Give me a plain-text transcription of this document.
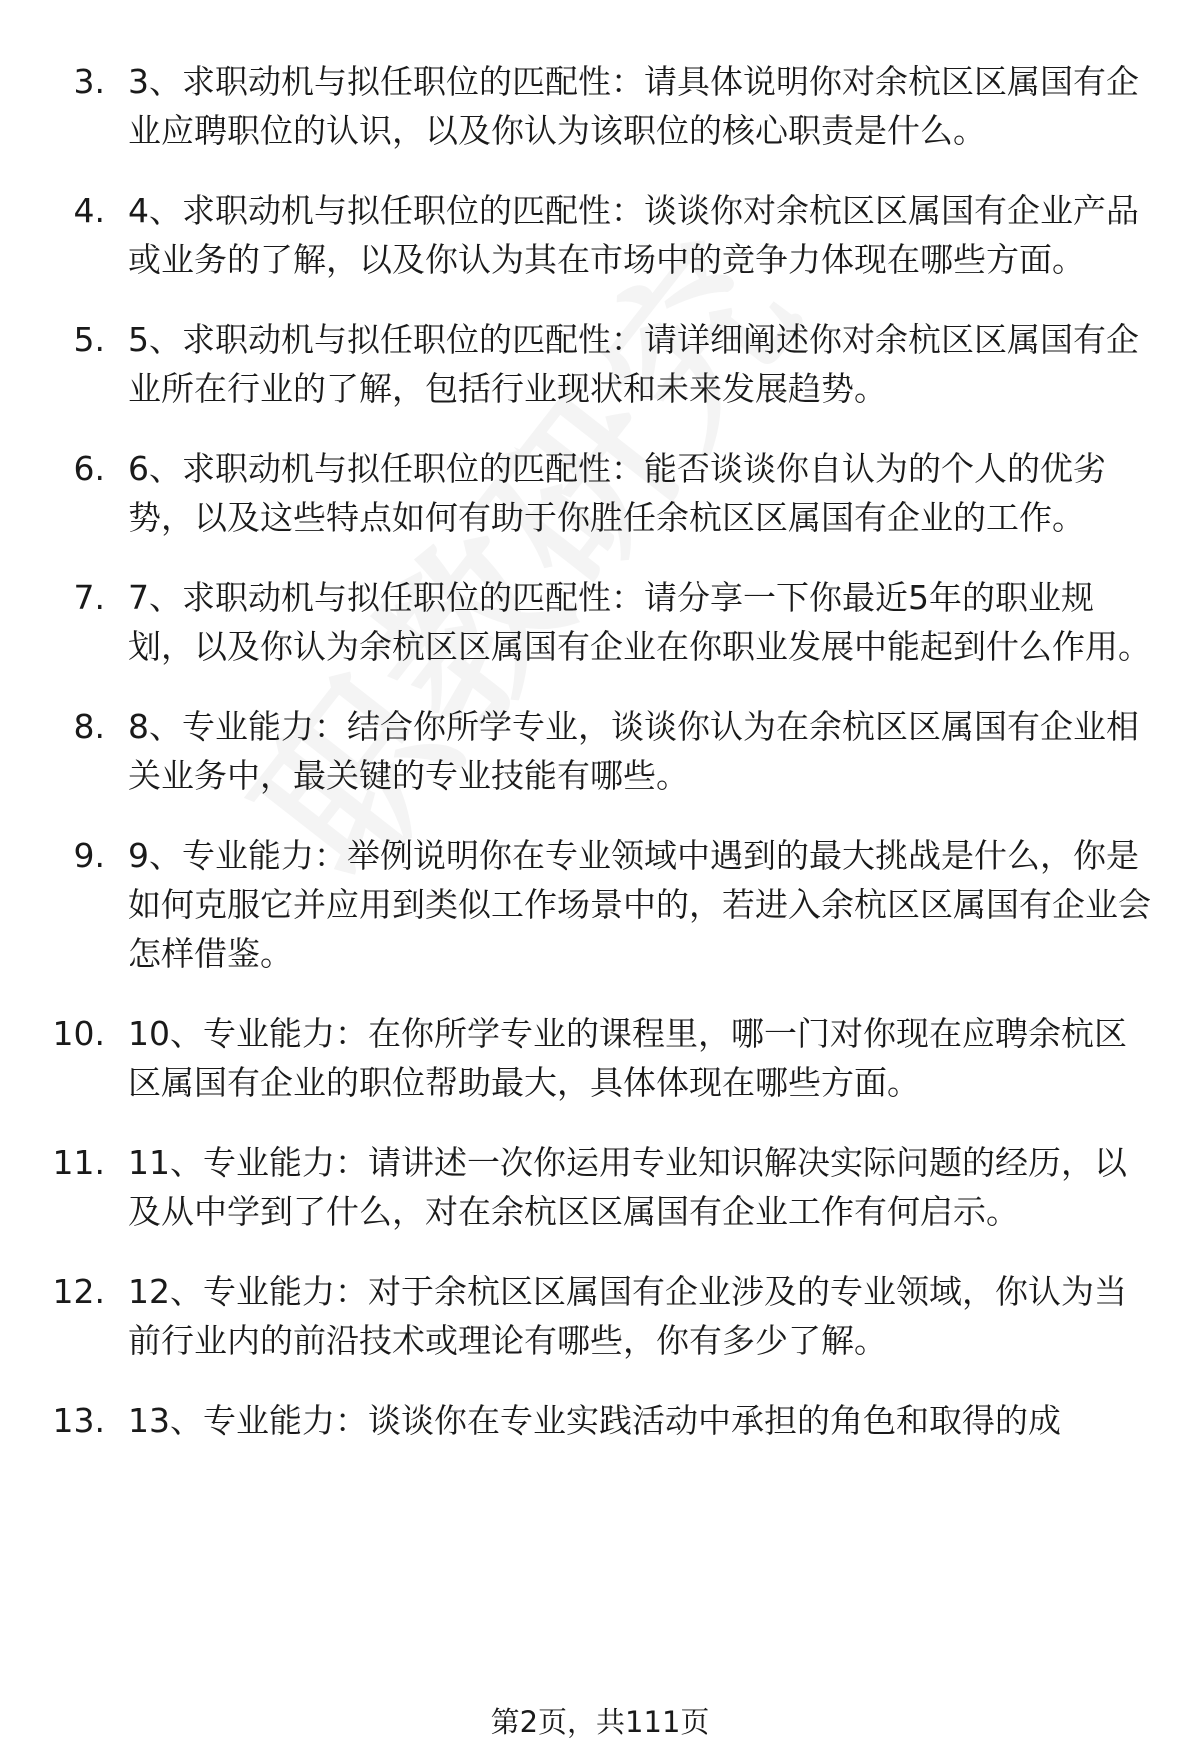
3. 3、求职动机与拟任职位的匹配性：请具体说明你对余杭区区属国有企业应聘职位的认识，以及你认为该职位的核心职责是什么。
4. 4、求职动机与拟任职位的匹配性：谈谈你对余杭区区属国有企业产品或业务的了解，以及你认为其在市场中的竞争力体现在哪些方面。
5. 5、求职动机与拟任职位的匹配性：请详细阐述你对余杭区区属国有企业所在行业的了解，包括行业现状和未来发展趋势。
6. 6、求职动机与拟任职位的匹配性：能否谈谈你自认为的个人的优劣势，以及这些特点如何有助于你胜任余杭区区属国有企业的工作。
7. 7、求职动机与拟任职位的匹配性：请分享一下你最近5年的职业规划，以及你认为余杭区区属国有企业在你职业发展中能起到什么作用。
8. 8、专业能力：结合你所学专业，谈谈你认为在余杭区区属国有企业相关业务中，最关键的专业技能有哪些。
9. 9、专业能力：举例说明你在专业领域中遇到的最大挑战是什么，你是如何克服它并应用到类似工作场景中的，若进入余杭区区属国有企业会怎样借鉴。
10. 10、专业能力：在你所学专业的课程里，哪一门对你现在应聘余杭区区属国有企业的职位帮助最大，具体体现在哪些方面。
11. 11、专业能力：请讲述一次你运用专业知识解决实际问题的经历，以及从中学到了什么，对在余杭区区属国有企业工作有何启示。
12. 12、专业能力：对于余杭区区属国有企业涉及的专业领域，你认为当前行业内的前沿技术或理论有哪些，你有多少了解。
13. 13、专业能力：谈谈你在专业实践活动中承担的角色和取得的成
第2页，共111页
